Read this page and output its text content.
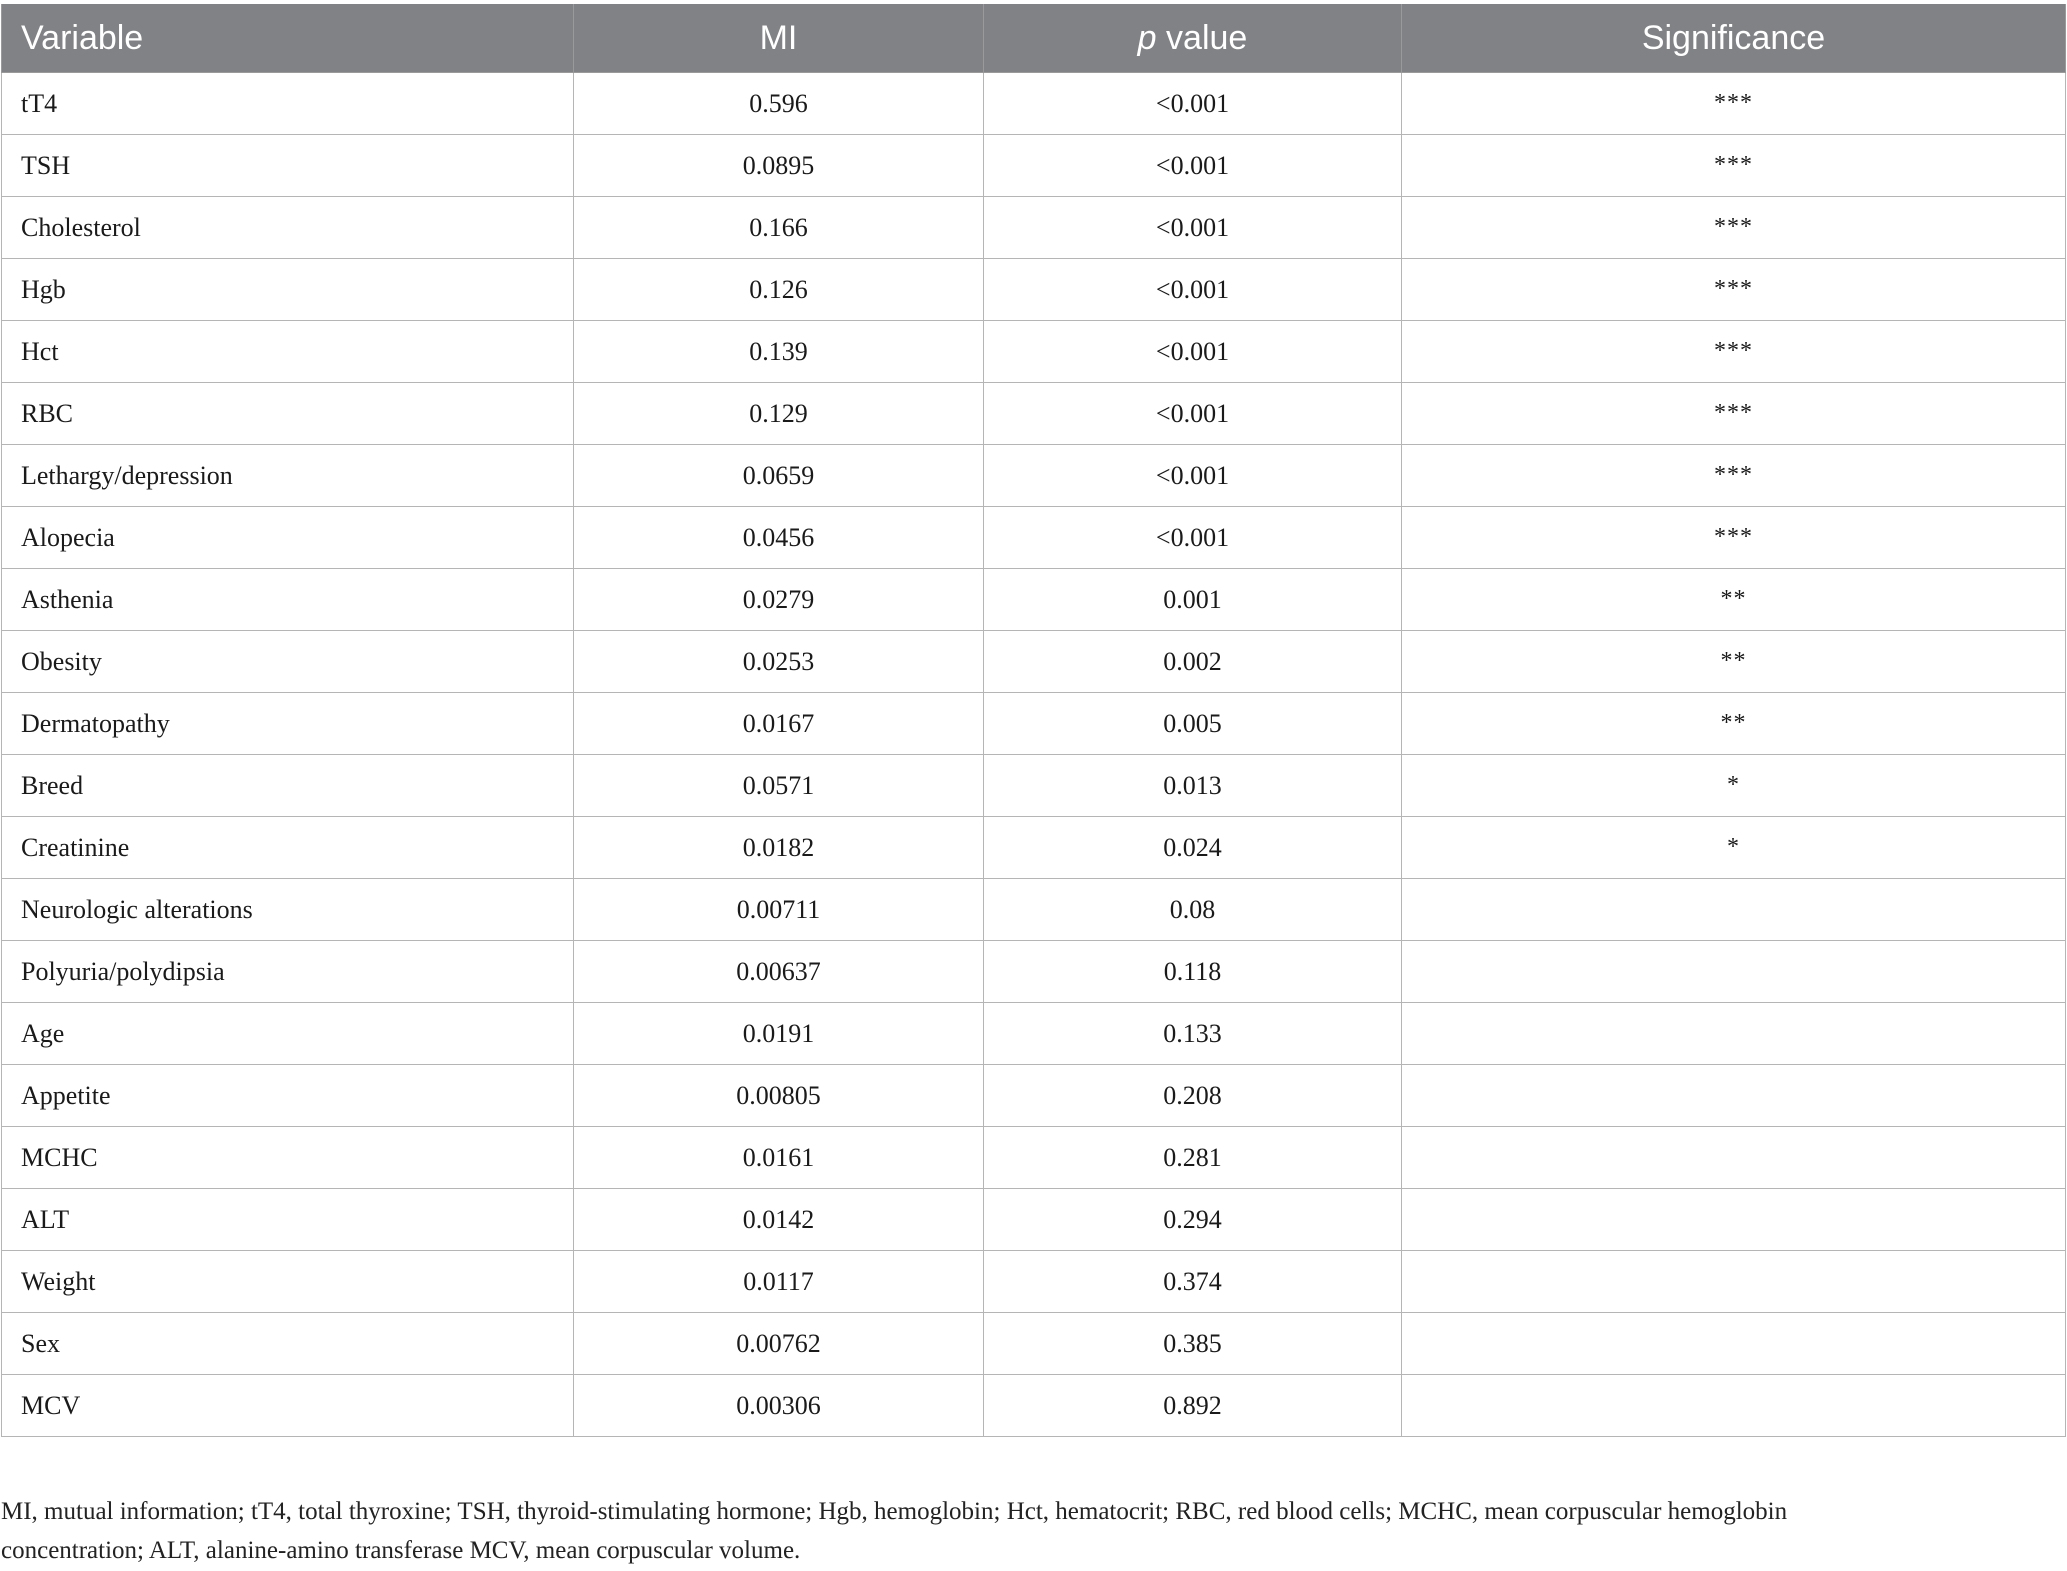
Variable	MI	p value	Significance
tT4	0.596	<0.001	***
TSH	0.0895	<0.001	***
Cholesterol	0.166	<0.001	***
Hgb	0.126	<0.001	***
Hct	0.139	<0.001	***
RBC	0.129	<0.001	***
Lethargy/depression	0.0659	<0.001	***
Alopecia	0.0456	<0.001	***
Asthenia	0.0279	0.001	**
Obesity	0.0253	0.002	**
Dermatopathy	0.0167	0.005	**
Breed	0.0571	0.013	*
Creatinine	0.0182	0.024	*
Neurologic alterations	0.00711	0.08	
Polyuria/polydipsia	0.00637	0.118	
Age	0.0191	0.133	
Appetite	0.00805	0.208	
MCHC	0.0161	0.281	
ALT	0.0142	0.294	
Weight	0.0117	0.374	
Sex	0.00762	0.385	
MCV	0.00306	0.892	
MI, mutual information; tT4, total thyroxine; TSH, thyroid-stimulating hormone; Hgb, hemoglobin; Hct, hematocrit; RBC, red blood cells; MCHC, mean corpuscular hemoglobin
concentration; ALT, alanine-amino transferase MCV, mean corpuscular volume.
